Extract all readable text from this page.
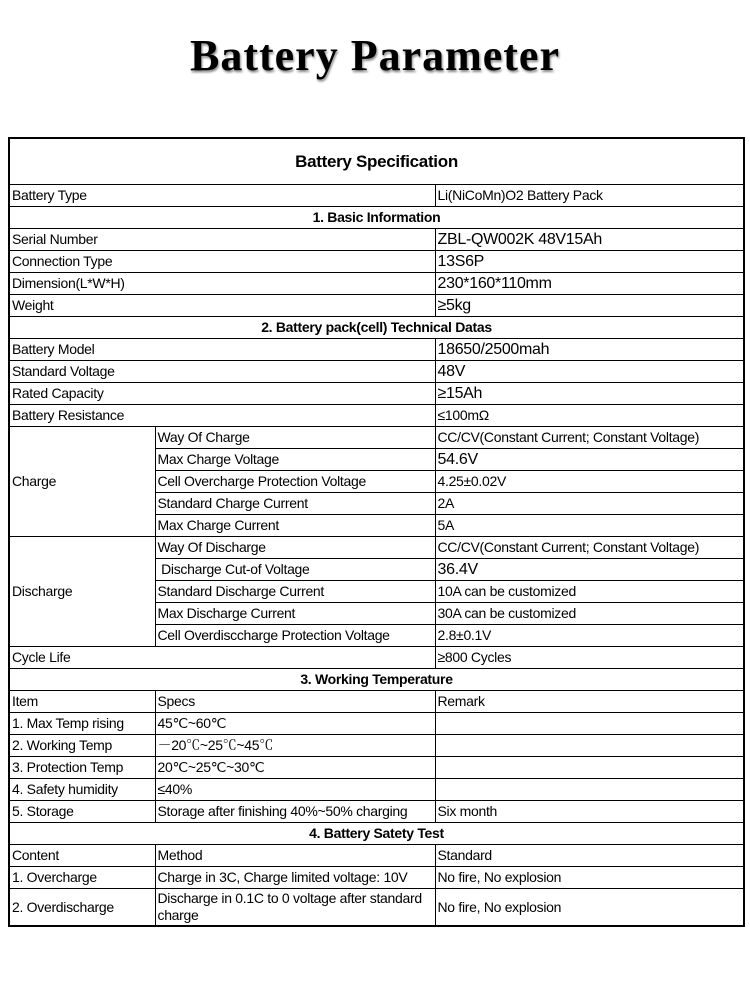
Battery Parameter
Battery Specification		
Battery Type		Li(NiCoMn)O2 Battery Pack
1. Basic Information		
Serial Number		ZBL-QW002K 48V15Ah
Connection Type		13S6P
Dimension(L*W*H)		230*160*110mm
Weight		≥5kg
2. Battery pack(cell) Technical Datas		
Battery Model		18650/2500mah
Standard Voltage		48V
Rated Capacity		≥15Ah
Battery Resistance		≤100mΩ
Charge	Way Of Charge	CC/CV(Constant Current; Constant Voltage)
	Max Charge Voltage	54.6V
	Cell Overcharge Protection Voltage	4.25±0.02V
	Standard Charge Current	2A
	Max Charge Current	5A
Discharge	Way Of Discharge	CC/CV(Constant Current; Constant Voltage)
	Discharge Cut-of Voltage	36.4V
	Standard Discharge Current	10A can be customized
	Max Discharge Current	30A can be customized
	Cell Overdisccharge Protection Voltage	2.8±0.1V
Cycle Life		≥800 Cycles
3. Working Temperature		
Item	Specs	Remark
1. Max Temp rising	45℃~60℃	
2. Working Temp	－20℃~25℃~45℃	
3. Protection Temp	20℃~25℃~30℃	
4. Safety humidity	≤40%	
5. Storage	Storage after finishing 40%~50% charging	Six month
4. Battery Satety Test		
Content	Method	Standard
1. Overcharge	Charge in 3C, Charge limited voltage: 10V	No fire, No explosion
2. Overdischarge	Discharge in 0.1C to 0 voltage after standard charge	No fire, No explosion
